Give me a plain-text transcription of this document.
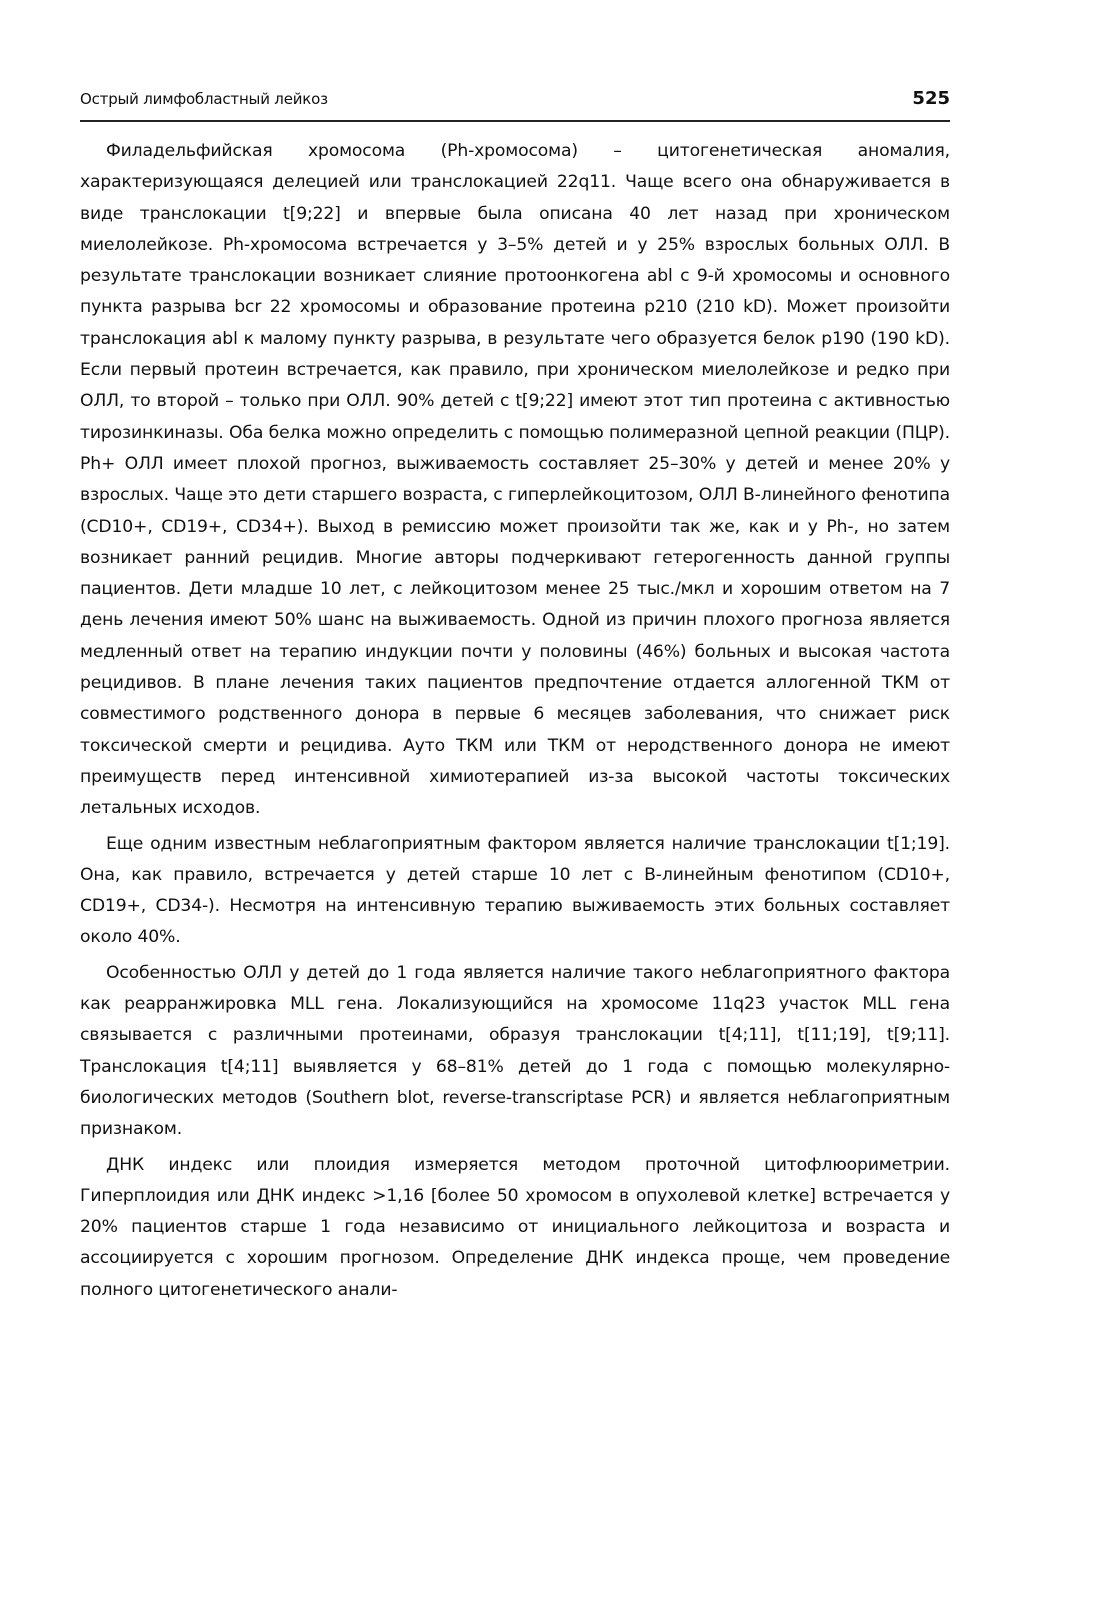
Острый лимфобластный лейкоз	525

Филадельфийская хромосома (Ph-хромосома) – цитогенетическая аномалия, характеризующаяся делецией или транслокацией 22q11. Чаще всего она обнаруживается в виде транслокации t[9;22] и впервые была описана 40 лет назад при хроническом миелолейкозе. Ph-хромосома встречается у 3–5% детей и у 25% взрослых больных ОЛЛ. В результате транслокации возникает слияние протоонкогена abl с 9-й хромосомы и основного пункта разрыва bcr 22 хромосомы и образование протеина р210 (210 kD). Может произойти транслокация abl к малому пункту разрыва, в результате чего образуется белок р190 (190 kD). Если первый протеин встречается, как правило, при хроническом миелолейкозе и редко при ОЛЛ, то второй – только при ОЛЛ. 90% детей с t[9;22] имеют этот тип протеина с активностью тирозинкиназы. Оба белка можно определить с помощью полимеразной цепной реакции (ПЦР). Ph+ ОЛЛ имеет плохой прогноз, выживаемость составляет 25–30% у детей и менее 20% у взрослых. Чаще это дети старшего возраста, с гиперлейкоцитозом, ОЛЛ В-линейного фенотипа (CD10+, CD19+, CD34+). Выход в ремиссию может произойти так же, как и у Ph-, но затем возникает ранний рецидив. Многие авторы подчеркивают гетерогенность данной группы пациентов. Дети младше 10 лет, с лейкоцитозом менее 25 тыс./мкл и хорошим ответом на 7 день лечения имеют 50% шанс на выживаемость. Одной из причин плохого прогноза является медленный ответ на терапию индукции почти у половины (46%) больных и высокая частота рецидивов. В плане лечения таких пациентов предпочтение отдается аллогенной ТКМ от совместимого родственного донора в первые 6 месяцев заболевания, что снижает риск токсической смерти и рецидива. Ауто ТКМ или ТКМ от неродственного донора не имеют преимуществ перед интенсивной химиотерапией из-за высокой частоты токсических летальных исходов.

Еще одним известным неблагоприятным фактором является наличие транслокации t[1;19]. Она, как правило, встречается у детей старше 10 лет с В-линейным фенотипом (CD10+, CD19+, CD34-). Несмотря на интенсивную терапию выживаемость этих больных составляет около 40%.

Особенностью ОЛЛ у детей до 1 года является наличие такого неблагоприятного фактора как реарранжировка MLL гена. Локализующийся на хромосоме 11q23 участок MLL гена связывается с различными протеинами, образуя транслокации t[4;11], t[11;19], t[9;11]. Транслокация t[4;11] выявляется у 68–81% детей до 1 года с помощью молекулярно-биологических методов (Southern blot, reverse-transcriptase PCR) и является неблагоприятным признаком.

ДНК индекс или плоидия измеряется методом проточной цитофлюориметрии. Гиперплоидия или ДНК индекс >1,16 [более 50 хромосом в опухолевой клетке] встречается у 20% пациентов старше 1 года независимо от инициального лейкоцитоза и возраста и ассоциируется с хорошим прогнозом. Определение ДНК индекса проще, чем проведение полного цитогенетического анали-
